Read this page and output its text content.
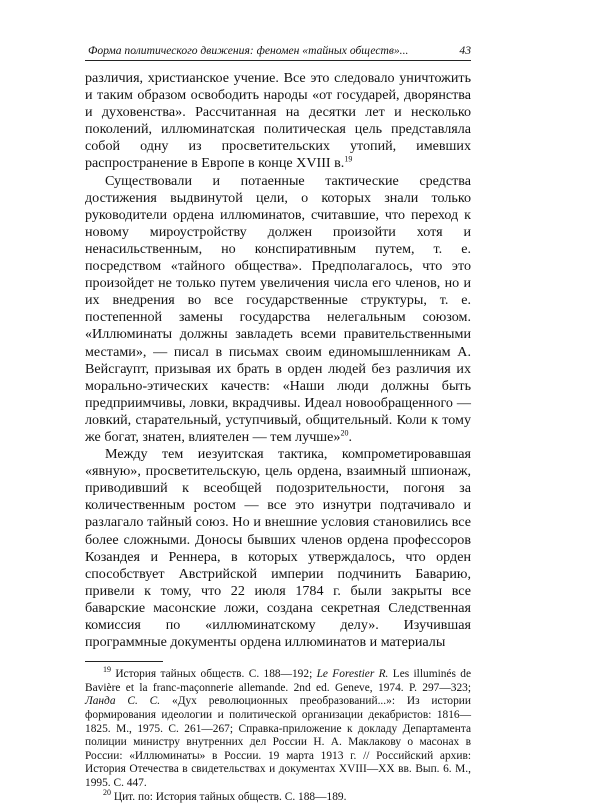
Форма политического движения: феномен «тайных обществ»...	43

различия, христианское учение. Все это следовало уничтожить и таким образом освободить народы «от государей, дворянства и духовенства». Рассчитанная на десятки лет и несколько поколений, иллюминатская политическая цель представляла собой одну из просветительских утопий, имевших распространение в Европе в конце XVIII в.$^{19}$

Существовали и потаенные тактические средства достижения выдвинутой цели, о которых знали только руководители ордена иллюминатов, считавшие, что переход к новому мироустройству должен произойти хотя и ненасильственным, но конспиративным путем, т. е. посредством «тайного общества». Предполагалось, что это произойдет не только путем увеличения числа его членов, но и их внедрения во все государственные структуры, т. е. постепенной замены государства нелегальным союзом. «Иллюминаты должны завладеть всеми правительственными местами», — писал в письмах своим единомышленникам А. Вейсгаупт, призывая их брать в орден людей без различия их морально-этических качеств: «Наши люди должны быть предприимчивы, ловки, вкрадчивы. Идеал новообращенного — ловкий, старательный, уступчивый, общительный. Коли к тому же богат, знатен, влиятелен — тем лучше»$^{20}$.

Между тем иезуитская тактика, компрометировавшая «явную», просветительскую, цель ордена, взаимный шпионаж, приводивший к всеобщей подозрительности, погоня за количественным ростом — все это изнутри подтачивало и разлагало тайный союз. Но и внешние условия становились все более сложными. Доносы бывших членов ордена профессоров Козандея и Реннера, в которых утверждалось, что орден способствует Австрийской империи подчинить Баварию, привели к тому, что 22 июля 1784 г. были закрыты все баварские масонские ложи, создана секретная Следственная комиссия по «иллюминатскому делу». Изучившая программные документы ордена иллюминатов и материалы

$^{19}$ История тайных обществ. С. 188—192; Le Forestier R. Les illuminés de Bavière et la franc-maçonnerie allemande. 2nd ed. Geneve, 1974. P. 297—323; Ланда С. С. «Дух революционных преобразований...»: Из истории формирования идеологии и политической организации декабристов: 1816—1825. М., 1975. С. 261—267; Справка-приложение к докладу Департамента полиции министру внутренних дел России Н. А. Маклакову о масонах в России: «Иллюминаты» в России. 19 марта 1913 г. // Российский архив: История Отечества в свидетельствах и документах XVIII—XX вв. Вып. 6. М., 1995. С. 447.

$^{20}$ Цит. по: История тайных обществ. С. 188—189.
